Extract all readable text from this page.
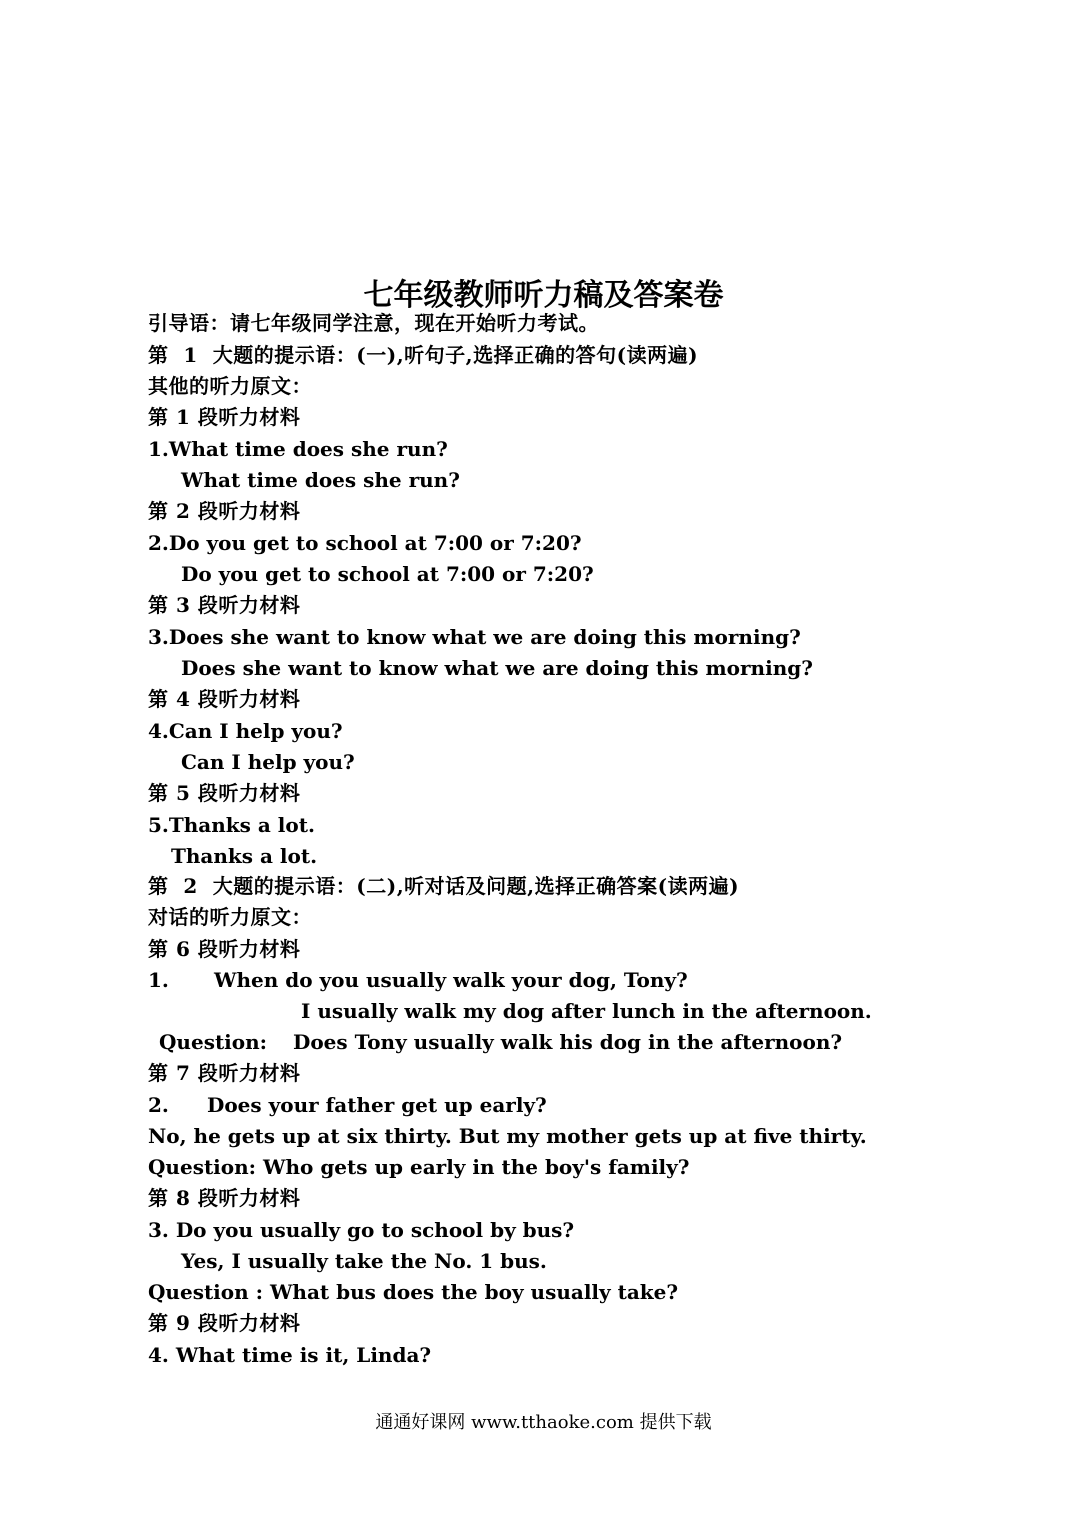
七年级教师听力稿及答案卷
引导语：请七年级同学注意，现在开始听力考试。
第  1  大题的提示语：(一),听句子,选择正确的答句(读两遍)
其他的听力原文：
第 1 段听力材料
1.What time does she run?
What time does she run?
第 2 段听力材料
2.Do you get to school at 7:00 or 7:20?
Do you get to school at 7:00 or 7:20?
第 3 段听力材料
3.Does she want to know what we are doing this morning?
Does she want to know what we are doing this morning?
第 4 段听力材料
4.Can I help you?
Can I help you?
第 5 段听力材料
5.Thanks a lot.
Thanks a lot.
第  2  大题的提示语：(二),听对话及问题,选择正确答案(读两遍)
对话的听力原文：
第 6 段听力材料
1. When do you usually walk your dog, Tony?
I usually walk my dog after lunch in the afternoon.
Question: Does Tony usually walk his dog in the afternoon?
第 7 段听力材料
2. Does your father get up early?
No, he gets up at six thirty. But my mother gets up at five thirty.
Question: Who gets up early in the boy's family?
第 8 段听力材料
3. Do you usually go to school by bus?
Yes, I usually take the No. 1 bus.
Question : What bus does the boy usually take?
第 9 段听力材料
4. What time is it, Linda?
通通好课网 www.tthaoke.com 提供下载
